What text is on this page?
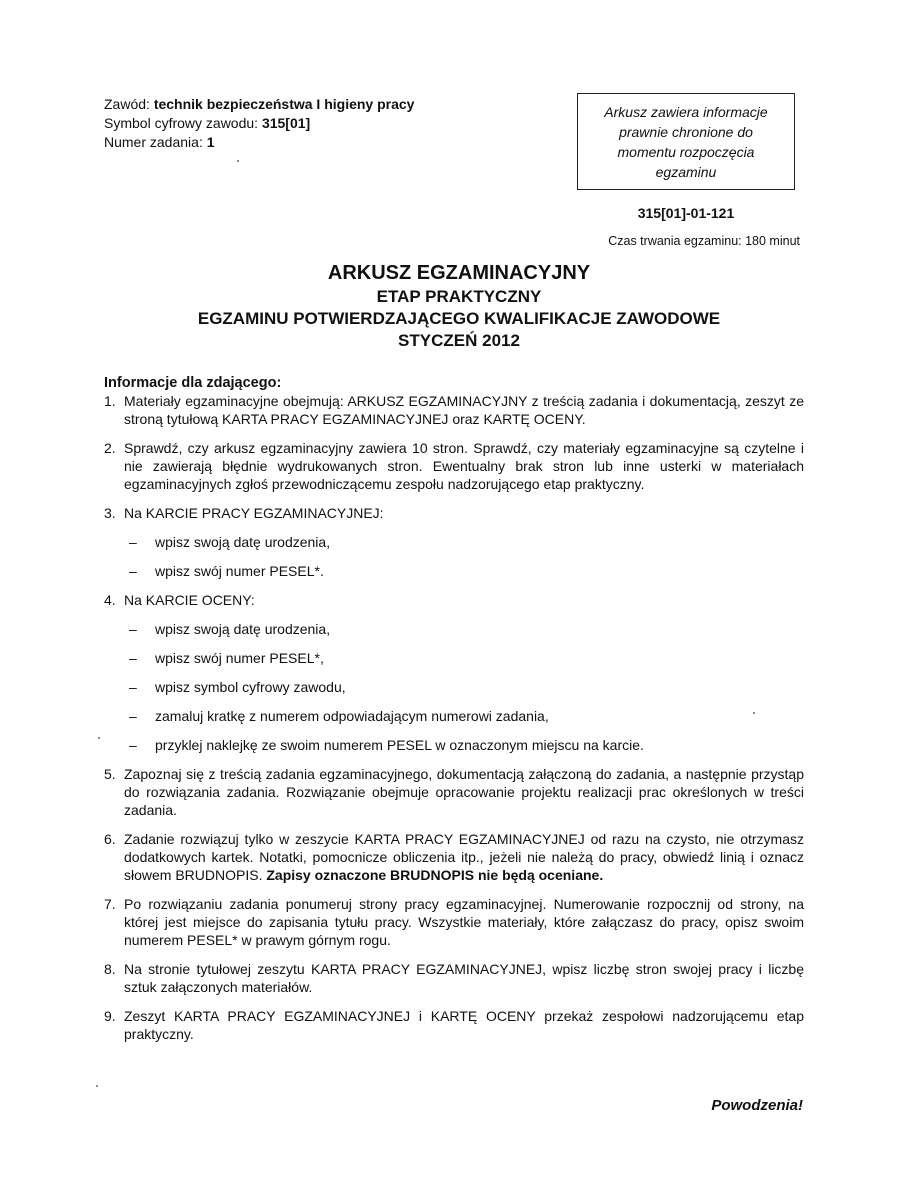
Zawód: technik bezpieczeństwa I higieny pracy
Symbol cyfrowy zawodu: 315[01]
Numer zadania: 1
Arkusz zawiera informacje
prawnie chronione do
momentu rozpoczęcia
egzaminu
315[01]-01-121
Czas trwania egzaminu: 180 minut
ARKUSZ EGZAMINACYJNY
ETAP PRAKTYCZNY
EGZAMINU POTWIERDZAJĄCEGO KWALIFIKACJE ZAWODOWE
STYCZEŃ 2012
Informacje dla zdającego:
1. Materiały egzaminacyjne obejmują: ARKUSZ EGZAMINACYJNY z treścią zadania i dokumentacją, zeszyt ze stroną tytułową KARTA PRACY EGZAMINACYJNEJ oraz KARTĘ OCENY.
2. Sprawdź, czy arkusz egzaminacyjny zawiera 10 stron. Sprawdź, czy materiały egzaminacyjne są czytelne i nie zawierają błędnie wydrukowanych stron. Ewentualny brak stron lub inne usterki w materiałach egzaminacyjnych zgłoś przewodniczącemu zespołu nadzorującego etap praktyczny.
3. Na KARCIE PRACY EGZAMINACYJNEJ:
– wpisz swoją datę urodzenia,
– wpisz swój numer PESEL*.
4. Na KARCIE OCENY:
– wpisz swoją datę urodzenia,
– wpisz swój numer PESEL*,
– wpisz symbol cyfrowy zawodu,
– zamaluj kratkę z numerem odpowiadającym numerowi zadania,
– przyklej naklejkę ze swoim numerem PESEL w oznaczonym miejscu na karcie.
5. Zapoznaj się z treścią zadania egzaminacyjnego, dokumentacją załączoną do zadania, a następnie przystąp do rozwiązania zadania. Rozwiązanie obejmuje opracowanie projektu realizacji prac określonych w treści zadania.
6. Zadanie rozwiązuj tylko w zeszycie KARTA PRACY EGZAMINACYJNEJ od razu na czysto, nie otrzymasz dodatkowych kartek. Notatki, pomocnicze obliczenia itp., jeżeli nie należą do pracy, obwiedź linią i oznacz słowem BRUDNOPIS. Zapisy oznaczone BRUDNOPIS nie będą oceniane.
7. Po rozwiązaniu zadania ponumeruj strony pracy egzaminacyjnej. Numerowanie rozpocznij od strony, na której jest miejsce do zapisania tytułu pracy. Wszystkie materiały, które załączasz do pracy, opisz swoim numerem PESEL* w prawym górnym rogu.
8. Na stronie tytułowej zeszytu KARTA PRACY EGZAMINACYJNEJ, wpisz liczbę stron swojej pracy i liczbę sztuk załączonych materiałów.
9. Zeszyt KARTA PRACY EGZAMINACYJNEJ i KARTĘ OCENY przekaż zespołowi nadzorującemu etap praktyczny.
Powodzenia!
